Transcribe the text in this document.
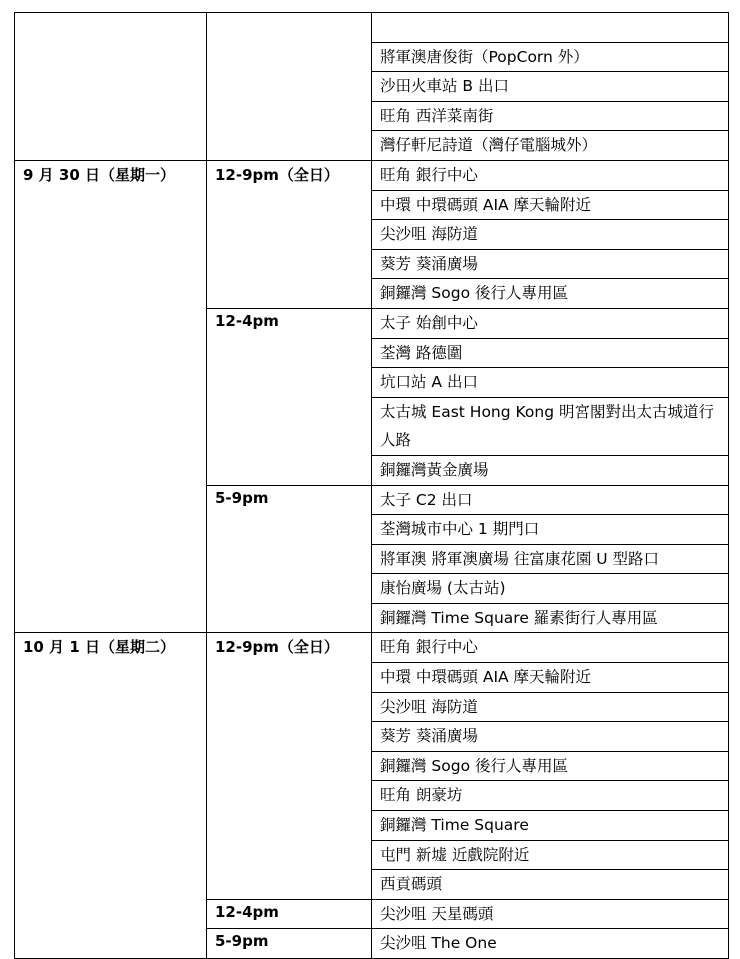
		將軍澳唐俊街（PopCorn 外）
		沙田火車站 B 出口
		旺角 西洋菜南街
		灣仔軒尼詩道（灣仔電腦城外）
9 月 30 日（星期一）	12-9pm（全日）	旺角 銀行中心
		中環 中環碼頭 AIA 摩天輪附近
		尖沙咀 海防道
		葵芳 葵涌廣場
		銅鑼灣 Sogo 後行人專用區
	12-4pm	太子 始創中心
		荃灣 路德圍
		坑口站 A 出口
		太古城 East Hong Kong 明宮閣對出太古城道行人路
		銅鑼灣黃金廣場
	5-9pm	太子 C2 出口
		荃灣城市中心 1 期門口
		將軍澳 將軍澳廣場 往富康花園 U 型路口
		康怡廣場 (太古站)
		銅鑼灣 Time Square 羅素街行人專用區
10 月 1 日（星期二）	12-9pm（全日）	旺角 銀行中心
		中環 中環碼頭 AIA 摩天輪附近
		尖沙咀 海防道
		葵芳 葵涌廣場
		銅鑼灣 Sogo 後行人專用區
		旺角 朗豪坊
		銅鑼灣 Time Square
		屯門 新墟 近戲院附近
		西貢碼頭
	12-4pm	尖沙咀 天星碼頭
	5-9pm	尖沙咀 The One
